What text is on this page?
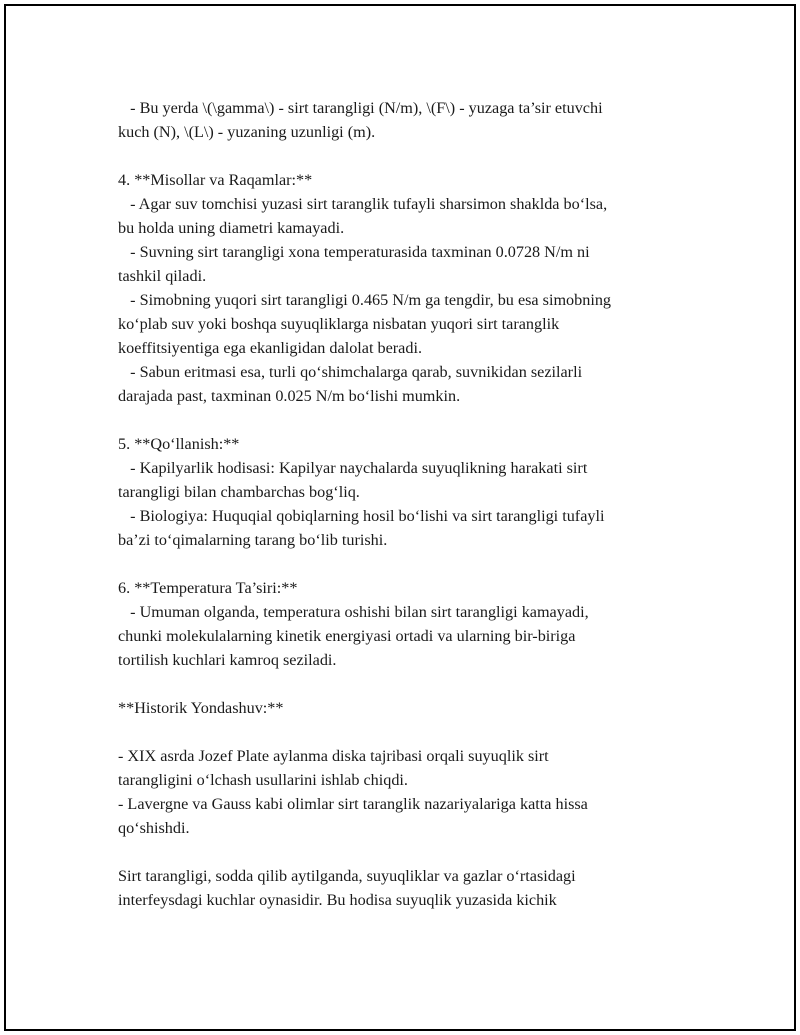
- Bu yerda \(\gamma\) - sirt tarangligi (N/m), \(F\) - yuzaga ta’sir etuvchi
kuch (N), \(L\) - yuzaning uzunligi (m).
4. **Misollar va Raqamlar:**
- Agar suv tomchisi yuzasi sirt taranglik tufayli sharsimon shaklda bo‘lsa,
bu holda uning diametri kamayadi.
- Suvning sirt tarangligi xona temperaturasida taxminan 0.0728 N/m ni
tashkil qiladi.
- Simobning yuqori sirt tarangligi 0.465 N/m ga tengdir, bu esa simobning
ko‘plab suv yoki boshqa suyuqliklarga nisbatan yuqori sirt taranglik
koeffitsiyentiga ega ekanligidan dalolat beradi.
- Sabun eritmasi esa, turli qo‘shimchalarga qarab, suvnikidan sezilarli
darajada past, taxminan 0.025 N/m bo‘lishi mumkin.
5. **Qo‘llanish:**
- Kapilyarlik hodisasi: Kapilyar naychalarda suyuqlikning harakati sirt
tarangligi bilan chambarchas bog‘liq.
- Biologiya: Huquqial qobiqlarning hosil bo‘lishi va sirt tarangligi tufayli
ba’zi to‘qimalarning tarang bo‘lib turishi.
6. **Temperatura Ta’siri:**
- Umuman olganda, temperatura oshishi bilan sirt tarangligi kamayadi,
chunki molekulalarning kinetik energiyasi ortadi va ularning bir-biriga
tortilish kuchlari kamroq seziladi.
**Historik Yondashuv:**
- XIX asrda Jozef Plate aylanma diska tajribasi orqali suyuqlik sirt
tarangligini o‘lchash usullarini ishlab chiqdi.
- Lavergne va Gauss kabi olimlar sirt taranglik nazariyalariga katta hissa
qo‘shishdi.
Sirt tarangligi, sodda qilib aytilganda, suyuqliklar va gazlar o‘rtasidagi
interfeysdagi kuchlar oynasidir. Bu hodisa suyuqlik yuzasida kichik
